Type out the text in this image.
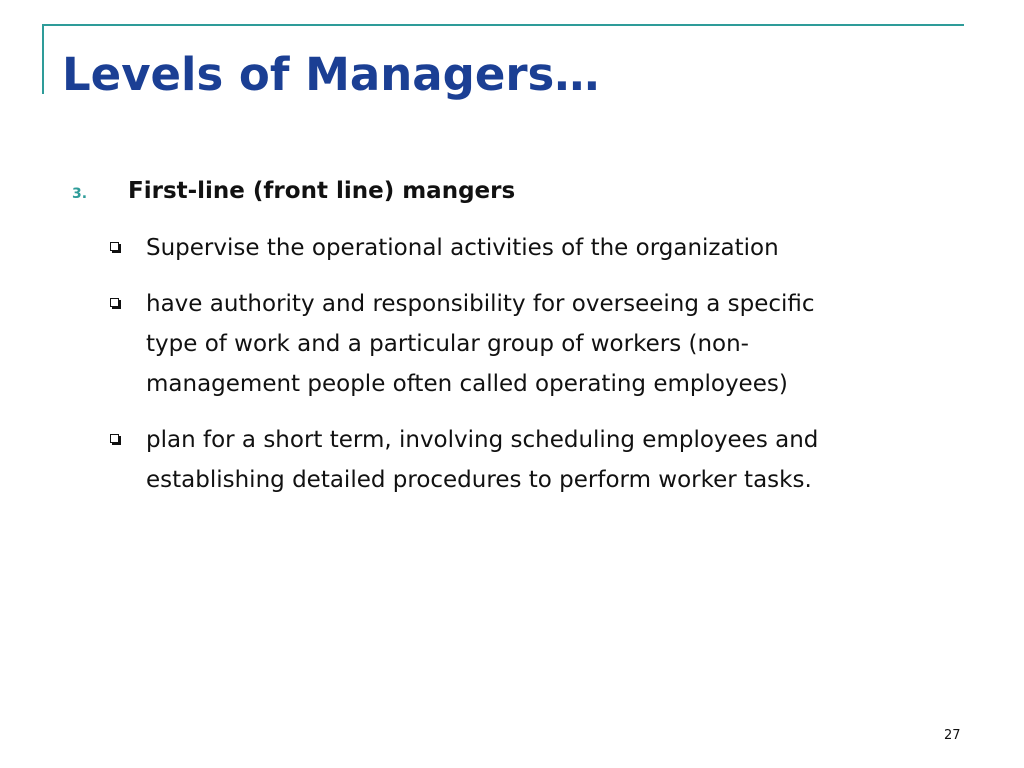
Levels of Managers…
3. First-line (front line) mangers
Supervise the operational activities of the organization
have authority and responsibility for overseeing a specific
type of work and a particular group of workers (non-
management people often called operating employees)
plan for a short term, involving scheduling employees and
establishing detailed procedures to perform worker tasks.
27
